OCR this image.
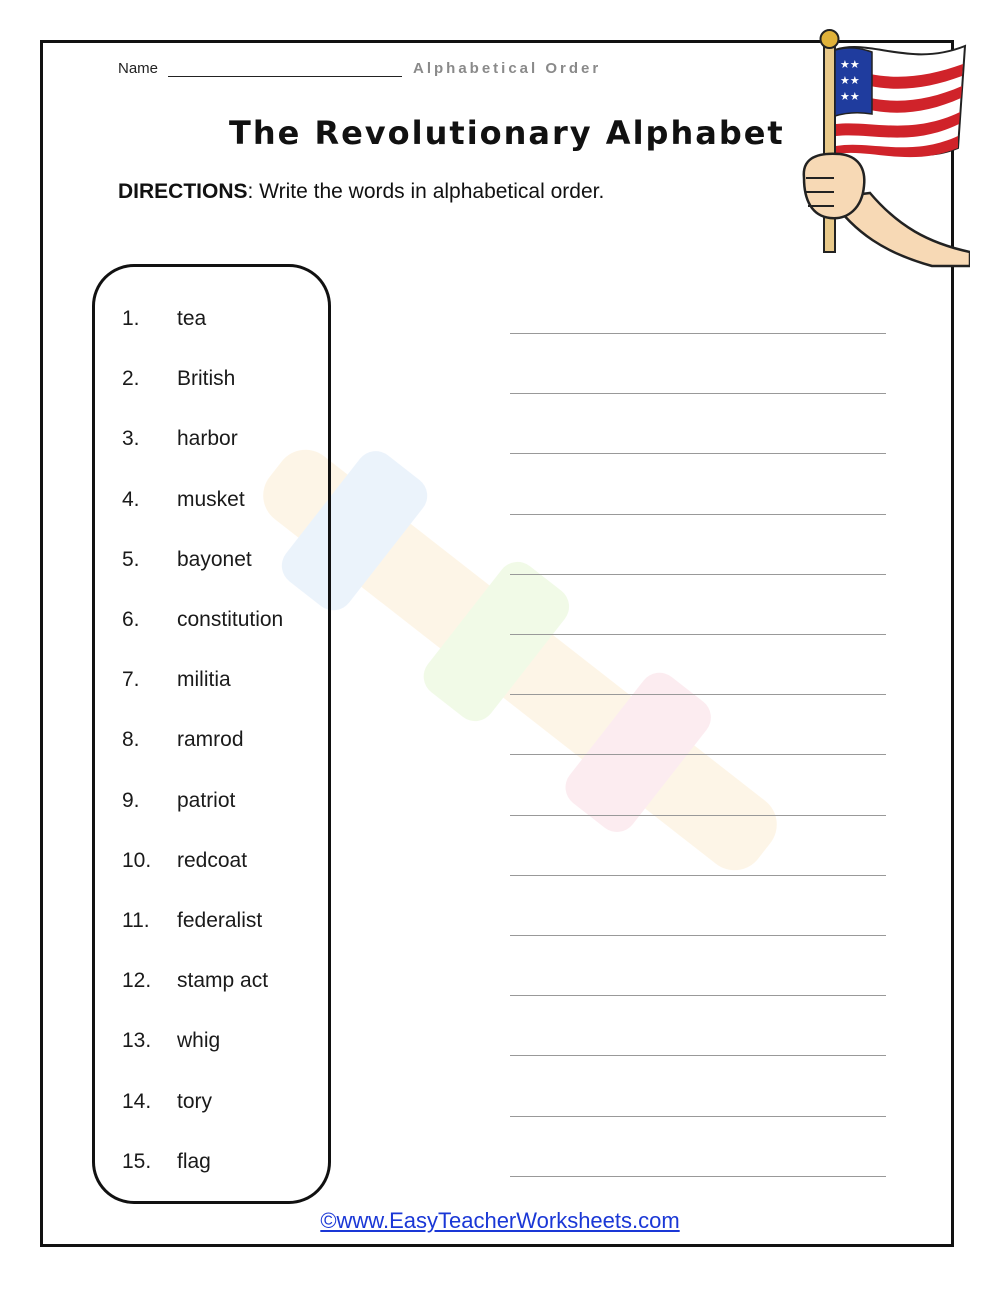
Name	Alphabetical Order
The Revolutionary Alphabet
DIRECTIONS: Write the words in alphabetical order.
★★
★★
★★
1.	tea
2.	British
3.	harbor
4.	musket
5.	bayonet
6.	constitution
7.	militia
8.	ramrod
9.	patriot
10.	redcoat
11.	federalist
12.	stamp act
13.	whig
14.	tory
15.	flag
©www.EasyTeacherWorksheets.com
